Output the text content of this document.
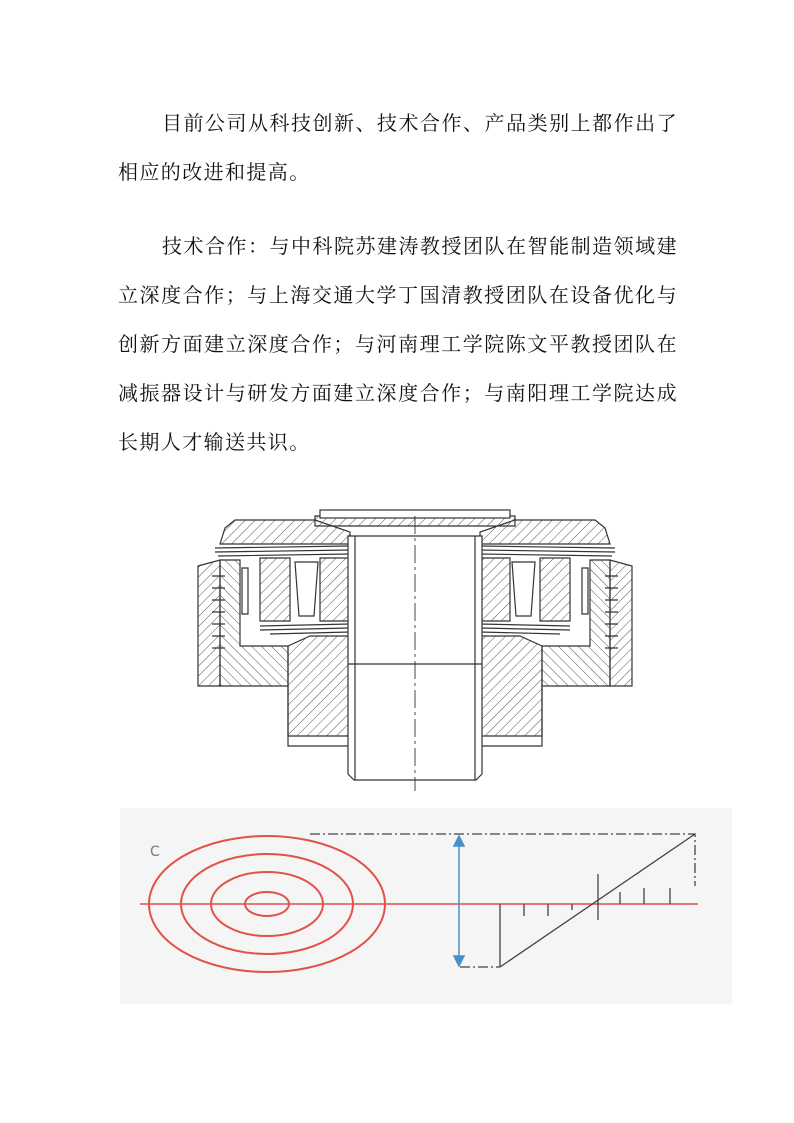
目前公司从科技创新、技术合作、产品类别上都作出了相应的改进和提高。

技术合作：与中科院苏建涛教授团队在智能制造领域建立深度合作；与上海交通大学丁国清教授团队在设备优化与创新方面建立深度合作；与河南理工学院陈文平教授团队在减振器设计与研发方面建立深度合作；与南阳理工学院达成长期人才输送共识。

C
